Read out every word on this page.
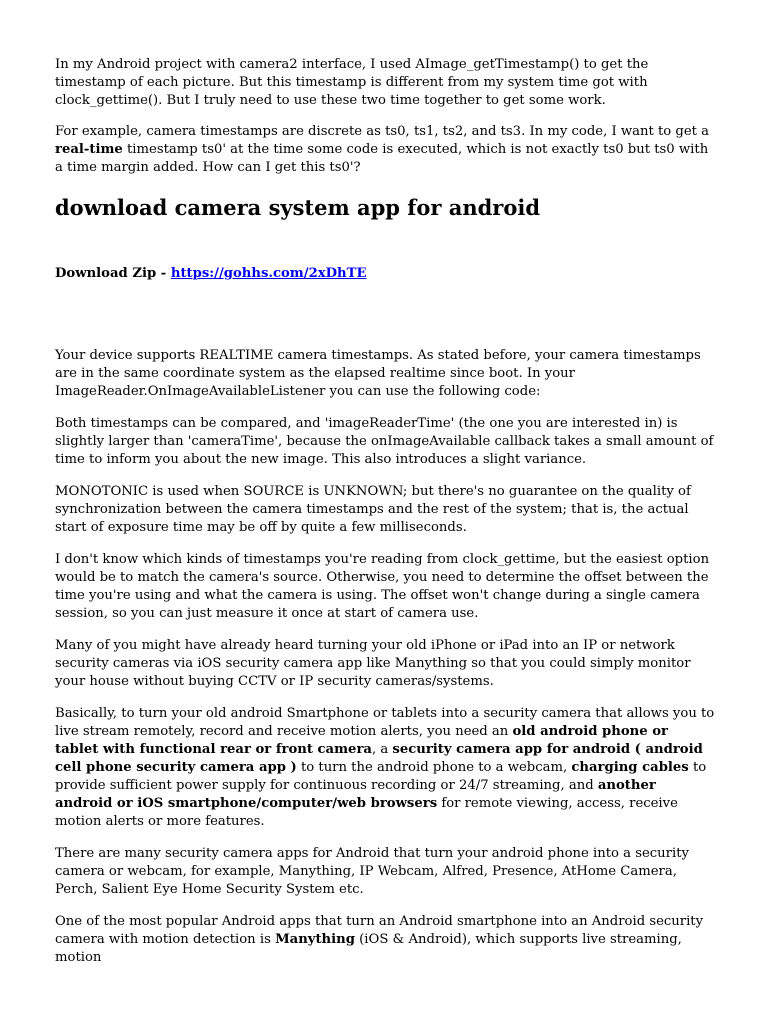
In my Android project with camera2 interface, I used AImage_getTimestamp() to get the timestamp of each picture. But this timestamp is different from my system time got with clock_gettime(). But I truly need to use these two time together to get some work.

For example, camera timestamps are discrete as ts0, ts1, ts2, and ts3. In my code, I want to get a real-time timestamp ts0' at the time some code is executed, which is not exactly ts0 but ts0 with a time margin added. How can I get this ts0'?

download camera system app for android

Download Zip - https://gohhs.com/2xDhTE

Your device supports REALTIME camera timestamps. As stated before, your camera timestamps are in the same coordinate system as the elapsed realtime since boot. In your ImageReader.OnImageAvailableListener you can use the following code:

Both timestamps can be compared, and 'imageReaderTime' (the one you are interested in) is slightly larger than 'cameraTime', because the onImageAvailable callback takes a small amount of time to inform you about the new image. This also introduces a slight variance.

MONOTONIC is used when SOURCE is UNKNOWN; but there's no guarantee on the quality of synchronization between the camera timestamps and the rest of the system; that is, the actual start of exposure time may be off by quite a few milliseconds.

I don't know which kinds of timestamps you're reading from clock_gettime, but the easiest option would be to match the camera's source. Otherwise, you need to determine the offset between the time you're using and what the camera is using. The offset won't change during a single camera session, so you can just measure it once at start of camera use.

Many of you might have already heard turning your old iPhone or iPad into an IP or network security cameras via iOS security camera app like Manything so that you could simply monitor your house without buying CCTV or IP security cameras/systems.

Basically, to turn your old android Smartphone or tablets into a security camera that allows you to live stream remotely, record and receive motion alerts, you need an old android phone or tablet with functional rear or front camera, a security camera app for android ( android cell phone security camera app ) to turn the android phone to a webcam, charging cables to provide sufficient power supply for continuous recording or 24/7 streaming, and another android or iOS smartphone/computer/web browsers for remote viewing, access, receive motion alerts or more features.

There are many security camera apps for Android that turn your android phone into a security camera or webcam, for example, Manything, IP Webcam, Alfred, Presence, AtHome Camera, Perch, Salient Eye Home Security System etc.

One of the most popular Android apps that turn an Android smartphone into an Android security camera with motion detection is Manything (iOS & Android), which supports live streaming, motion
